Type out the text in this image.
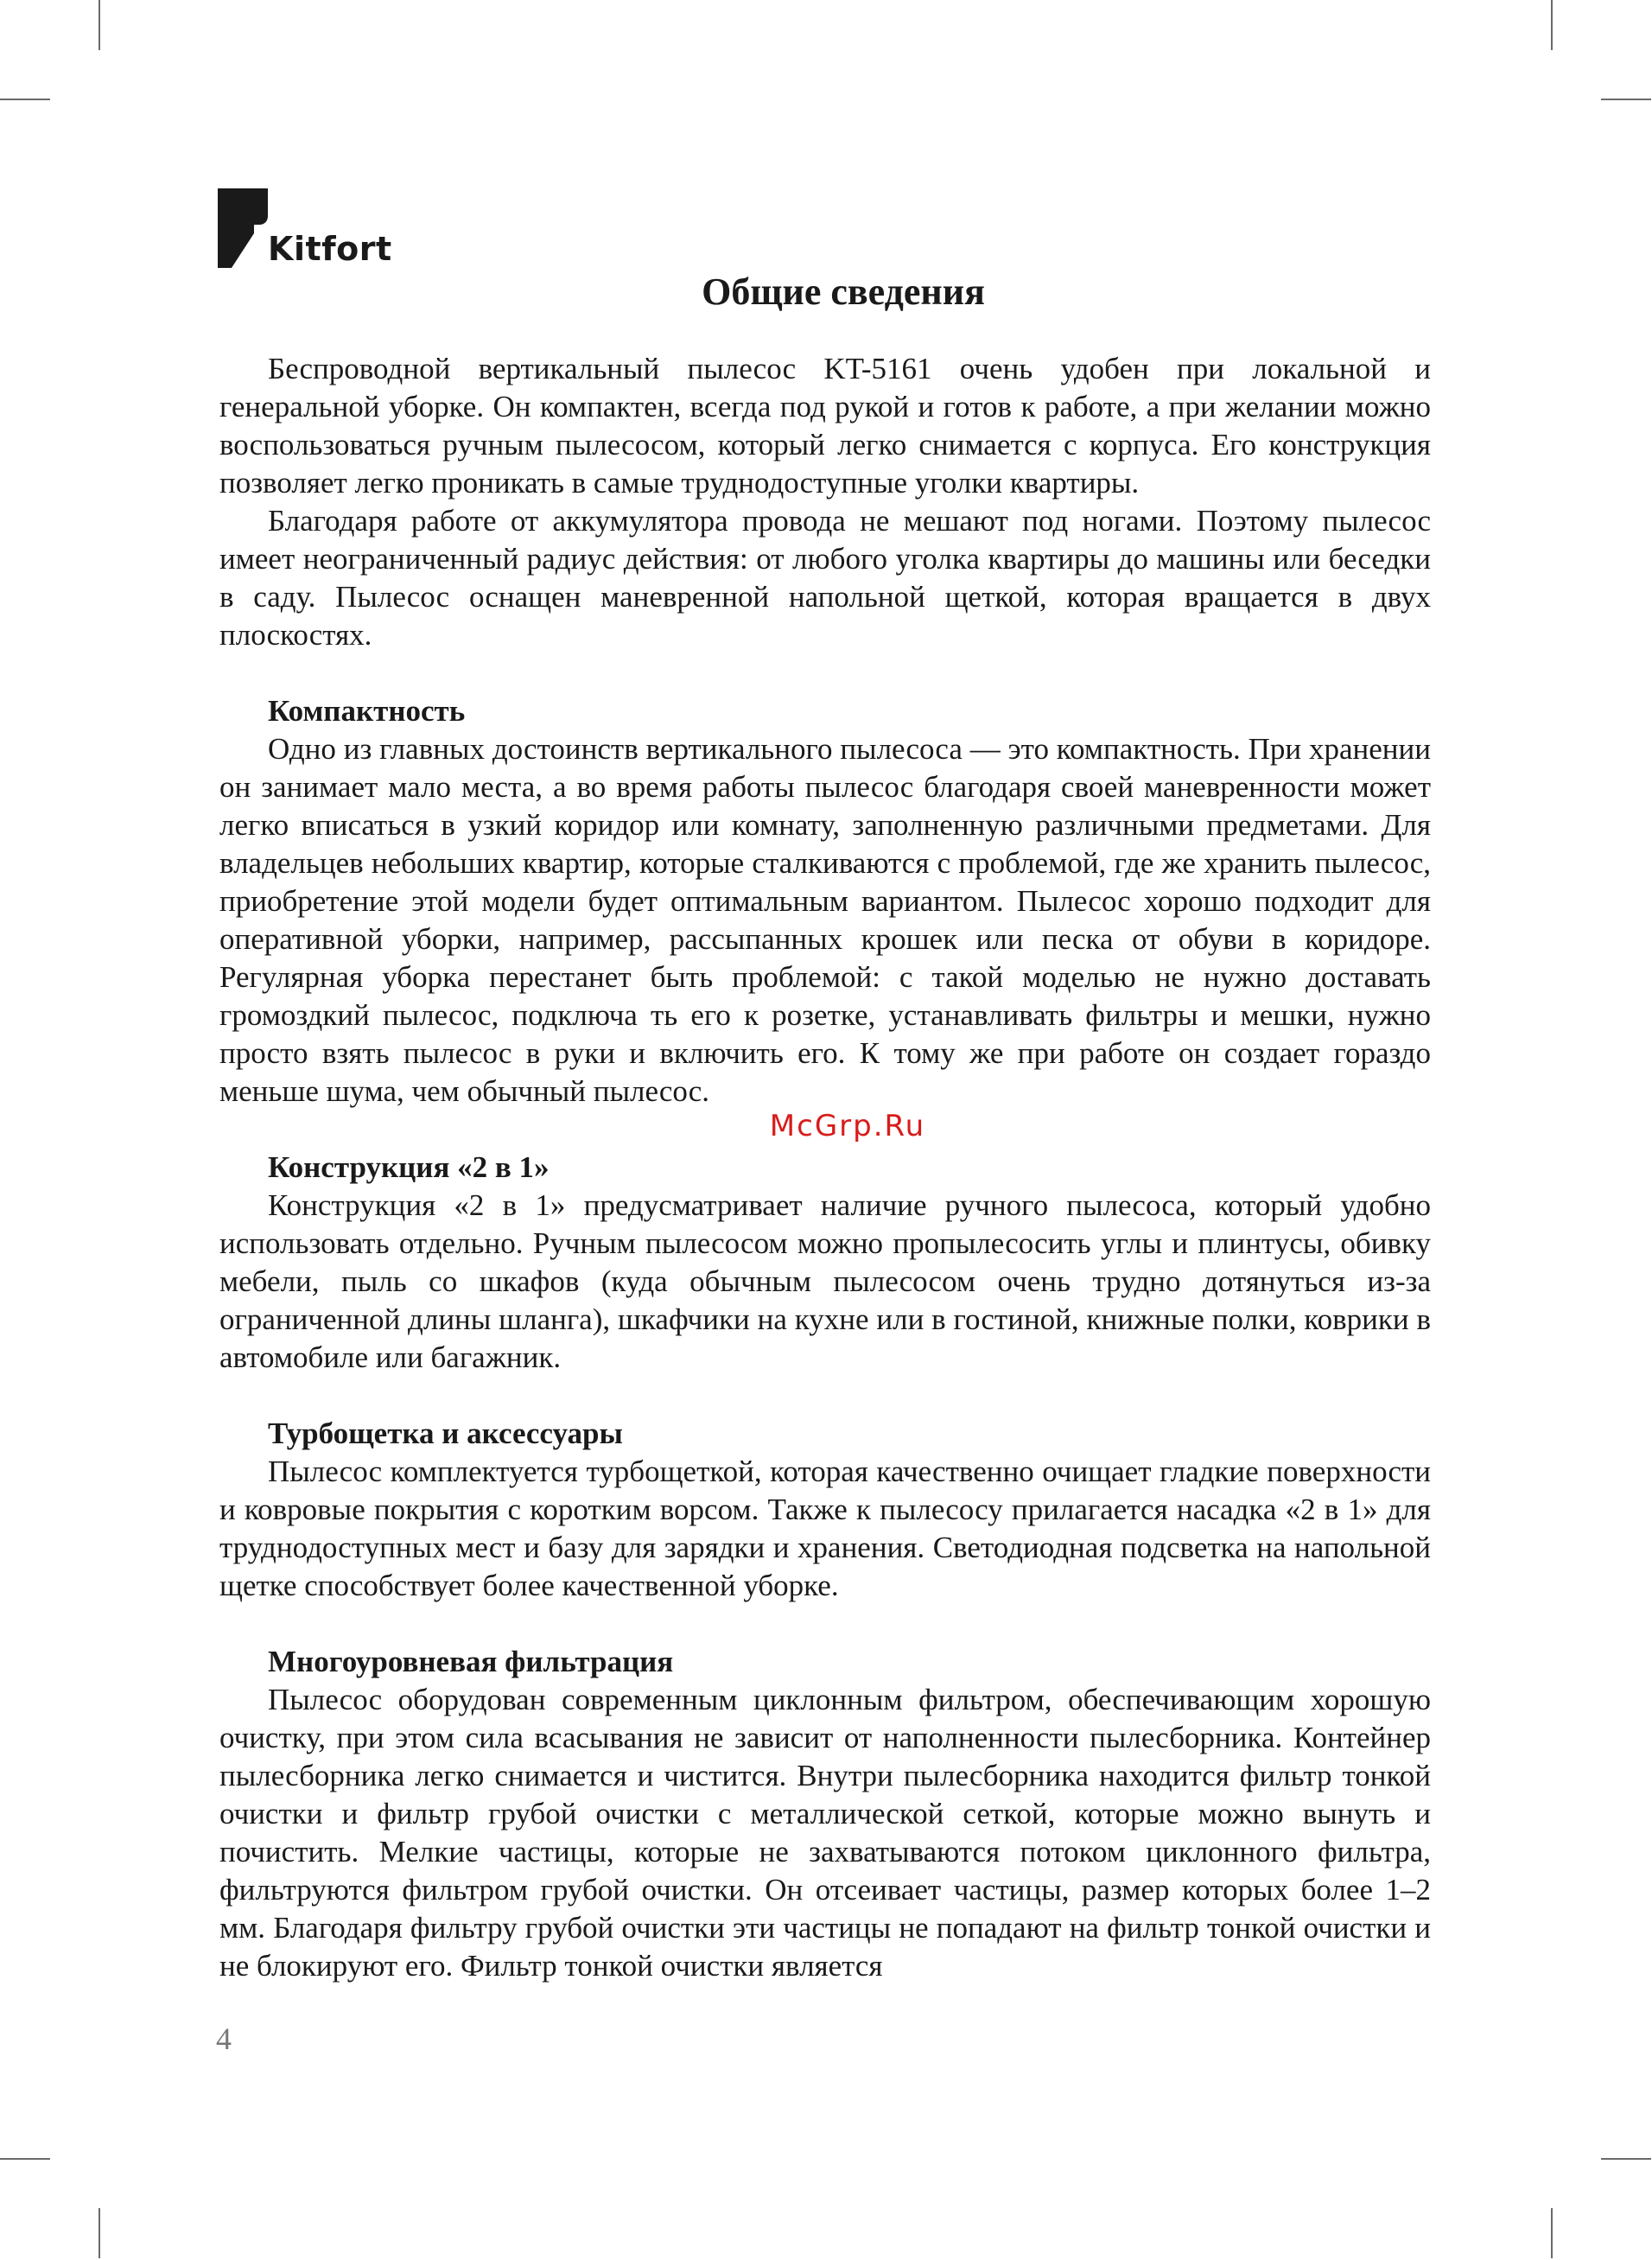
Kitfort
Общие сведения

Беспроводной вертикальный пылесос KT-5161 очень удобен при локальной и генеральной уборке. Он компактен, всегда под рукой и готов к работе, а при желании можно воспользоваться ручным пылесосом, который легко снимается с корпуса. Его конструкция позволяет легко проникать в самые труднодоступные уголки квартиры.

Благодаря работе от аккумулятора провода не мешают под ногами. Поэтому пылесос имеет неограниченный радиус действия: от любого уголка квартиры до машины или беседки в саду. Пылесос оснащен маневренной напольной щеткой, которая вращается в двух плоскостях.

Компактность

Одно из главных достоинств вертикального пылесоса — это компактность. При хранении он занимает мало места, а во время работы пылесос благодаря своей маневренности может легко вписаться в узкий коридор или комнату, заполненную различными предметами. Для владельцев небольших квартир, которые сталкиваются с проблемой, где же хранить пылесос, приобретение этой модели будет оптимальным вариантом. Пылесос хорошо подходит для оперативной уборки, например, рассыпанных крошек или песка от обуви в коридоре. Регулярная уборка перестанет быть проблемой: с такой моделью не нужно доставать громоздкий пылесос, подключа ть его к розетке, устанавливать фильтры и мешки, нужно просто взять пылесос в руки и включить его. К тому же при работе он создает гораздо меньше шума, чем обычный пылесос.

Конструкция «2 в 1»

Конструкция «2 в 1» предусматривает наличие ручного пылесоса, который удобно использовать отдельно. Ручным пылесосом можно пропылесосить углы и плинтусы, обивку мебели, пыль со шкафов (куда обычным пылесосом очень трудно дотянуться из-за ограниченной длины шланга), шкафчики на кухне или в гостиной, книжные полки, коврики в автомобиле или багажник.

Турбощетка и аксессуары

Пылесос комплектуется турбощеткой, которая качественно очищает гладкие поверхности и ковровые покрытия с коротким ворсом. Также к пылесосу прилагается насадка «2 в 1» для труднодоступных мест и базу для зарядки и хранения. Светодиодная подсветка на напольной щетке способствует более качественной уборке.

Многоуровневая фильтрация

Пылесос оборудован современным циклонным фильтром, обеспечивающим хорошую очистку, при этом сила всасывания не зависит от наполненности пылесборника. Контейнер пылесборника легко снимается и чистится. Внутри пылесборника находится фильтр тонкой очистки и фильтр грубой очистки с металлической сеткой, которые можно вынуть и почистить. Мелкие частицы, которые не захватываются потоком циклонного фильтра, фильтруются фильтром грубой очистки. Он отсеивает частицы, размер которых более 1–2 мм. Благодаря фильтру грубой очистки эти частицы не попадают на фильтр тонкой очистки и не блокируют его. Фильтр тонкой очистки является

McGrp.Ru
4
